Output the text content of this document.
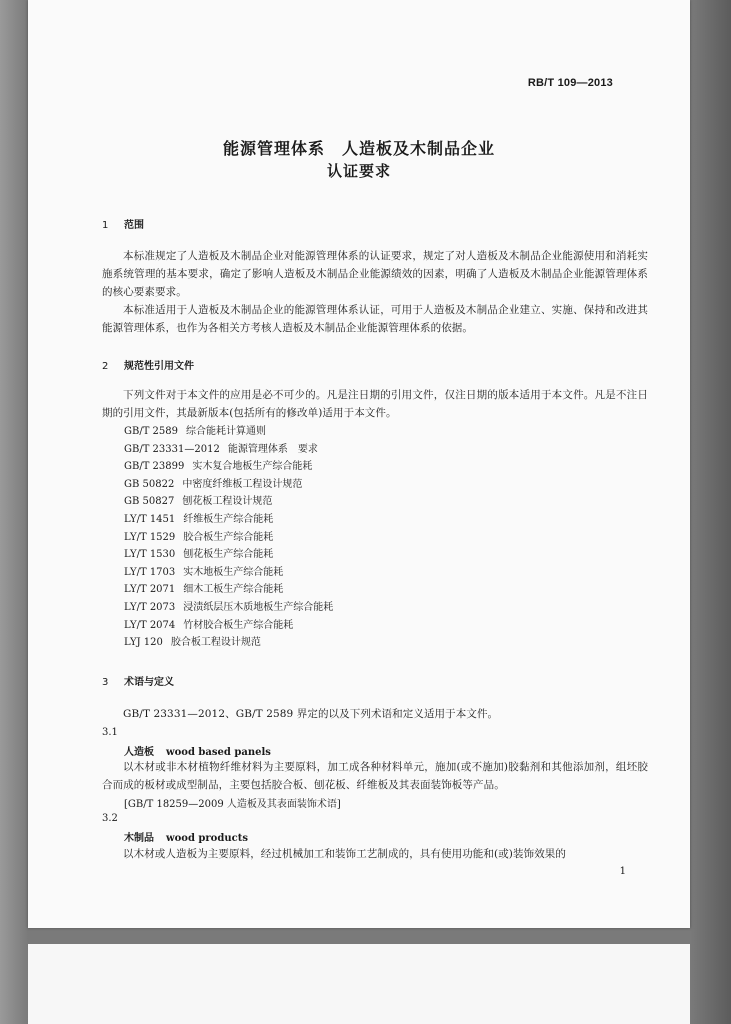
RB/T 109—2013
能源管理体系　人造板及木制品企业
认证要求
1 范围

本标准规定了人造板及木制品企业对能源管理体系的认证要求，规定了对人造板及木制品企业能源使用和消耗实施系统管理的基本要求，确定了影响人造板及木制品企业能源绩效的因素，明确了人造板及木制品企业能源管理体系的核心要素要求。

本标准适用于人造板及木制品企业的能源管理体系认证，可用于人造板及木制品企业建立、实施、保持和改进其能源管理体系，也作为各相关方考核人造板及木制品企业能源管理体系的依据。

2 规范性引用文件

下列文件对于本文件的应用是必不可少的。凡是注日期的引用文件，仅注日期的版本适用于本文件。凡是不注日期的引用文件，其最新版本(包括所有的修改单)适用于本文件。

GB/T 2589 综合能耗计算通则
GB/T 23331—2012 能源管理体系　要求
GB/T 23899 实木复合地板生产综合能耗
GB 50822 中密度纤维板工程设计规范
GB 50827 刨花板工程设计规范
LY/T 1451 纤维板生产综合能耗
LY/T 1529 胶合板生产综合能耗
LY/T 1530 刨花板生产综合能耗
LY/T 1703 实木地板生产综合能耗
LY/T 2071 细木工板生产综合能耗
LY/T 2073 浸渍纸层压木质地板生产综合能耗
LY/T 2074 竹材胶合板生产综合能耗
LYJ 120 胶合板工程设计规范
3 术语与定义

GB/T 23331—2012、GB/T 2589 界定的以及下列术语和定义适用于本文件。

3.1
人造板 wood based panels

以木材或非木材植物纤维材料为主要原料，加工成各种材料单元，施加(或不施加)胶黏剂和其他添加剂，组坯胶合而成的板材或成型制品，主要包括胶合板、刨花板、纤维板及其表面装饰板等产品。

[GB/T 18259—2009 人造板及其表面装饰术语]
3.2
木制品 wood products

以木材或人造板为主要原料，经过机械加工和装饰工艺制成的，具有使用功能和(或)装饰效果的

1
